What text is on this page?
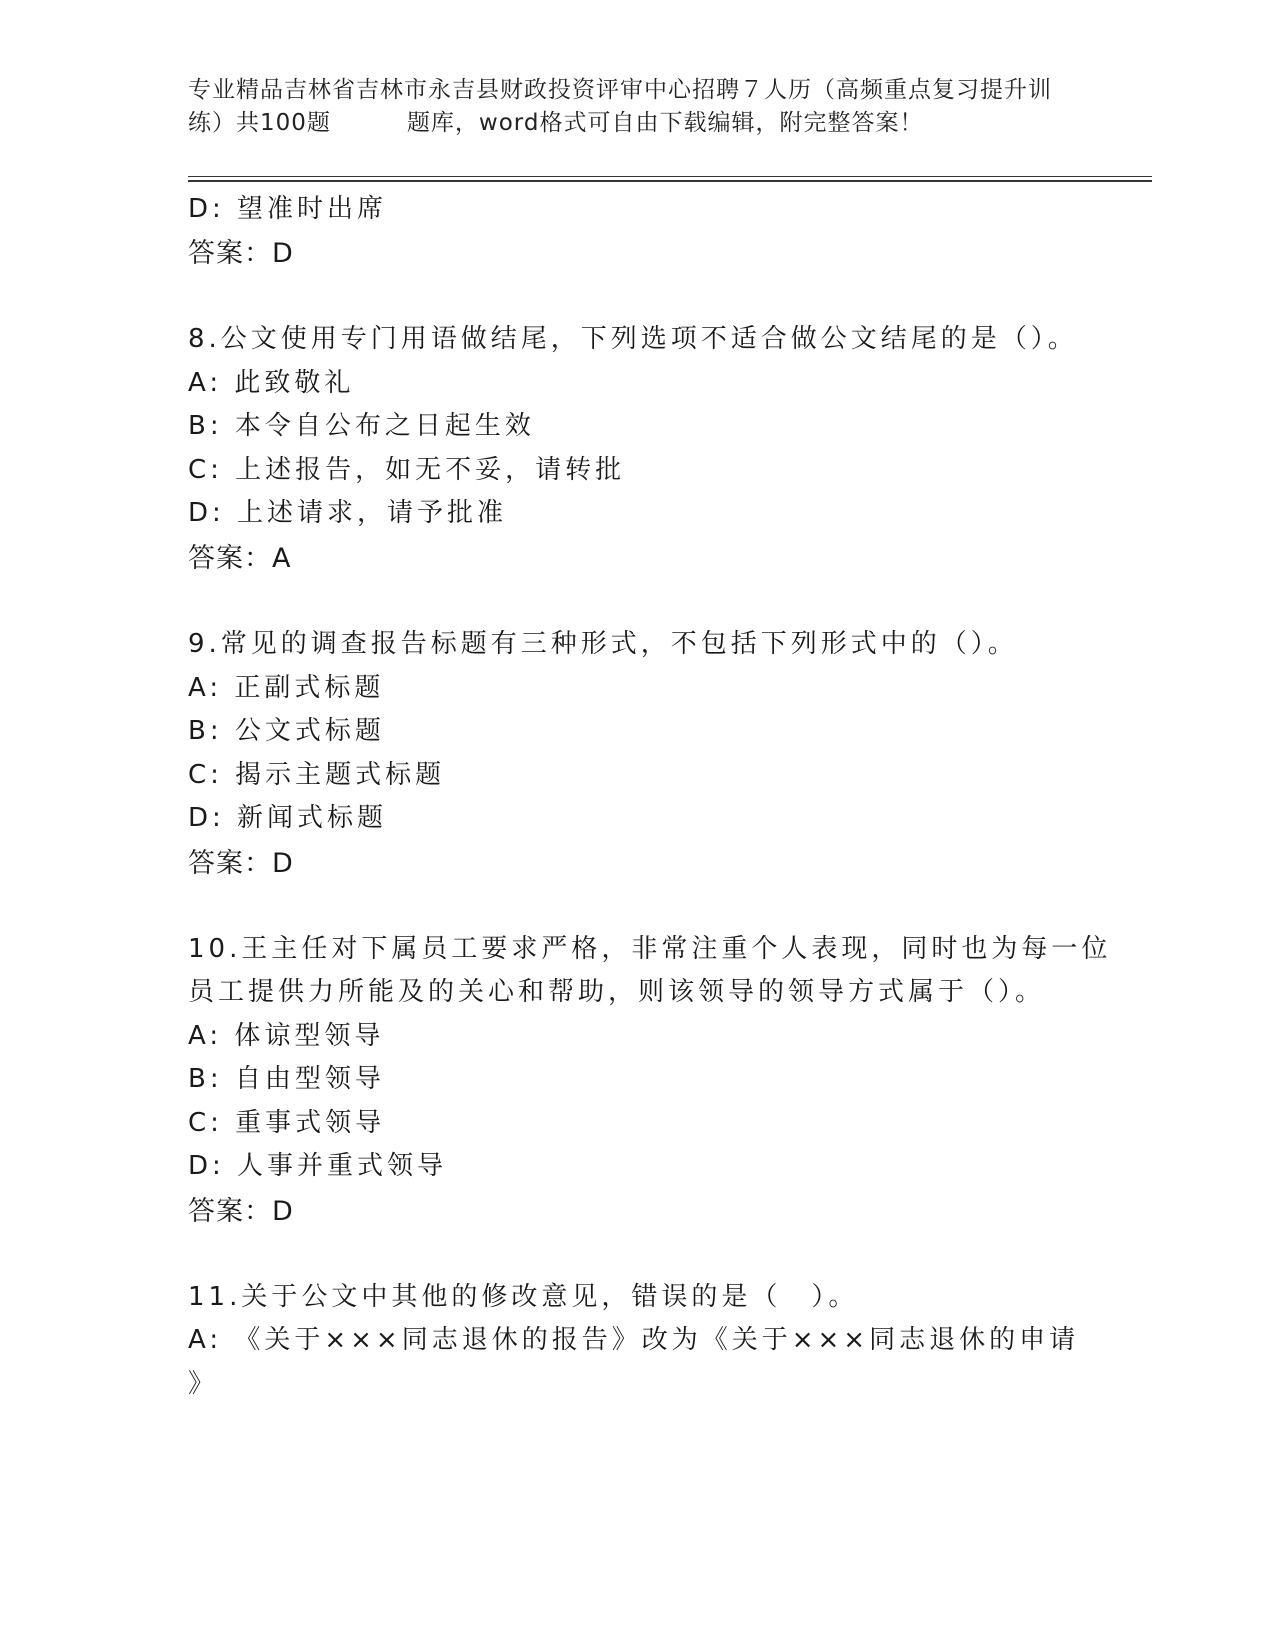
专业精品吉林省吉林市永吉县财政投资评审中心招聘７人历（高频重点复习提升训
练）共100题	题库，word格式可自由下载编辑，附完整答案！
D: 望准时出席
答案：D
8.公文使用专门用语做结尾，下列选项不适合做公文结尾的是（）。
A: 此致敬礼
B: 本令自公布之日起生效
C: 上述报告，如无不妥，请转批
D: 上述请求，请予批准
答案：A
9.常见的调查报告标题有三种形式，不包括下列形式中的（）。
A: 正副式标题
B: 公文式标题
C: 揭示主题式标题
D: 新闻式标题
答案：D
10.王主任对下属员工要求严格，非常注重个人表现，同时也为每一位
员工提供力所能及的关心和帮助，则该领导的领导方式属于（）。
A: 体谅型领导
B: 自由型领导
C: 重事式领导
D: 人事并重式领导
答案：D
11.关于公文中其他的修改意见，错误的是（　）。
A: 《关于×××同志退休的报告》改为《关于×××同志退休的申请
》
